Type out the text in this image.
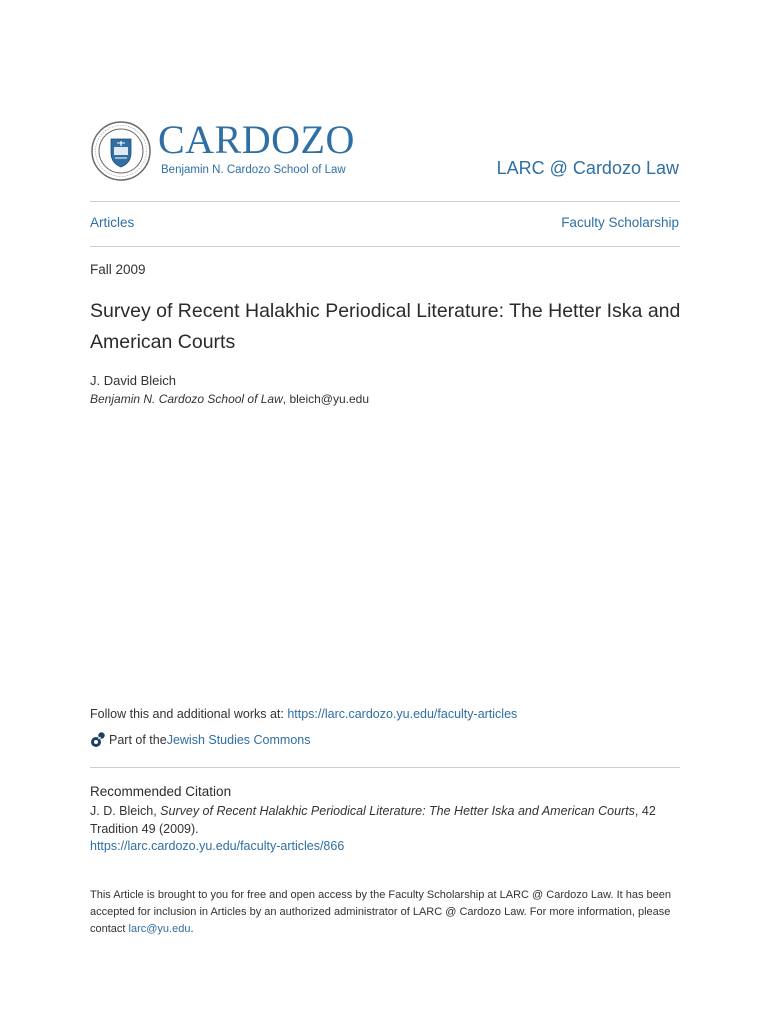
CARDOZO
Benjamin N. Cardozo School of Law	LARC @ Cardozo Law
Articles	Faculty Scholarship
Fall 2009
Survey of Recent Halakhic Periodical Literature: The Hetter Iska and American Courts
J. David Bleich
Benjamin N. Cardozo School of Law, bleich@yu.edu
Follow this and additional works at: https://larc.cardozo.yu.edu/faculty-articles
Part of the Jewish Studies Commons
Recommended Citation
J. D. Bleich, Survey of Recent Halakhic Periodical Literature: The Hetter Iska and American Courts, 42 Tradition 49 (2009).
https://larc.cardozo.yu.edu/faculty-articles/866
This Article is brought to you for free and open access by the Faculty Scholarship at LARC @ Cardozo Law. It has been accepted for inclusion in Articles by an authorized administrator of LARC @ Cardozo Law. For more information, please contact larc@yu.edu.
